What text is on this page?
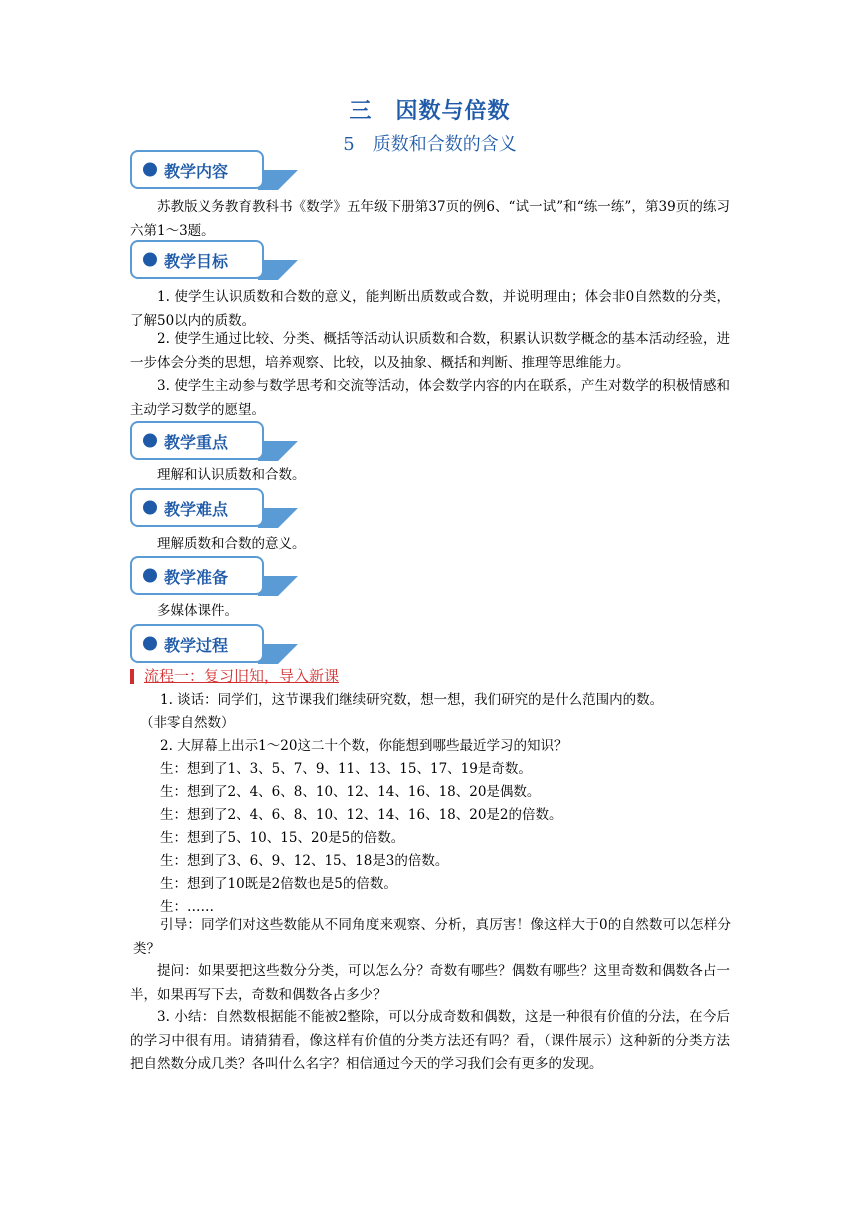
三　因数与倍数
5　质数和合数的含义
教学内容
苏教版义务教育教科书《数学》五年级下册第37页的例6、“试一试”和“练一练”，第39页的练习六第1～3题。
教学目标
1. 使学生认识质数和合数的意义，能判断出质数或合数，并说明理由；体会非0自然数的分类，了解50以内的质数。
2. 使学生通过比较、分类、概括等活动认识质数和合数，积累认识数学概念的基本活动经验，进一步体会分类的思想，培养观察、比较，以及抽象、概括和判断、推理等思维能力。
3. 使学生主动参与数学思考和交流等活动，体会数学内容的内在联系，产生对数学的积极情感和主动学习数学的愿望。
教学重点
理解和认识质数和合数。
教学难点
理解质数和合数的意义。
教学准备
多媒体课件。
教学过程
流程一：复习旧知，导入新课
1. 谈话：同学们，这节课我们继续研究数，想一想，我们研究的是什么范围内的数。
（非零自然数）
2. 大屏幕上出示1～20这二十个数，你能想到哪些最近学习的知识？
生：想到了1、3、5、7、9、11、13、15、17、19是奇数。
生：想到了2、4、6、8、10、12、14、16、18、20是偶数。
生：想到了2、4、6、8、10、12、14、16、18、20是2的倍数。
生：想到了5、10、15、20是5的倍数。
生：想到了3、6、9、12、15、18是3的倍数。
生：想到了10既是2倍数也是5的倍数。
生：……
引导：同学们对这些数能从不同角度来观察、分析，真厉害！像这样大于0的自然数可以怎样分类？
提问：如果要把这些数分分类，可以怎么分？奇数有哪些？偶数有哪些？这里奇数和偶数各占一半，如果再写下去，奇数和偶数各占多少？
3. 小结：自然数根据能不能被2整除，可以分成奇数和偶数，这是一种很有价值的分法，在今后的学习中很有用。请猜猜看，像这样有价值的分类方法还有吗？看，（课件展示）这种新的分类方法把自然数分成几类？各叫什么名字？相信通过今天的学习我们会有更多的发现。
